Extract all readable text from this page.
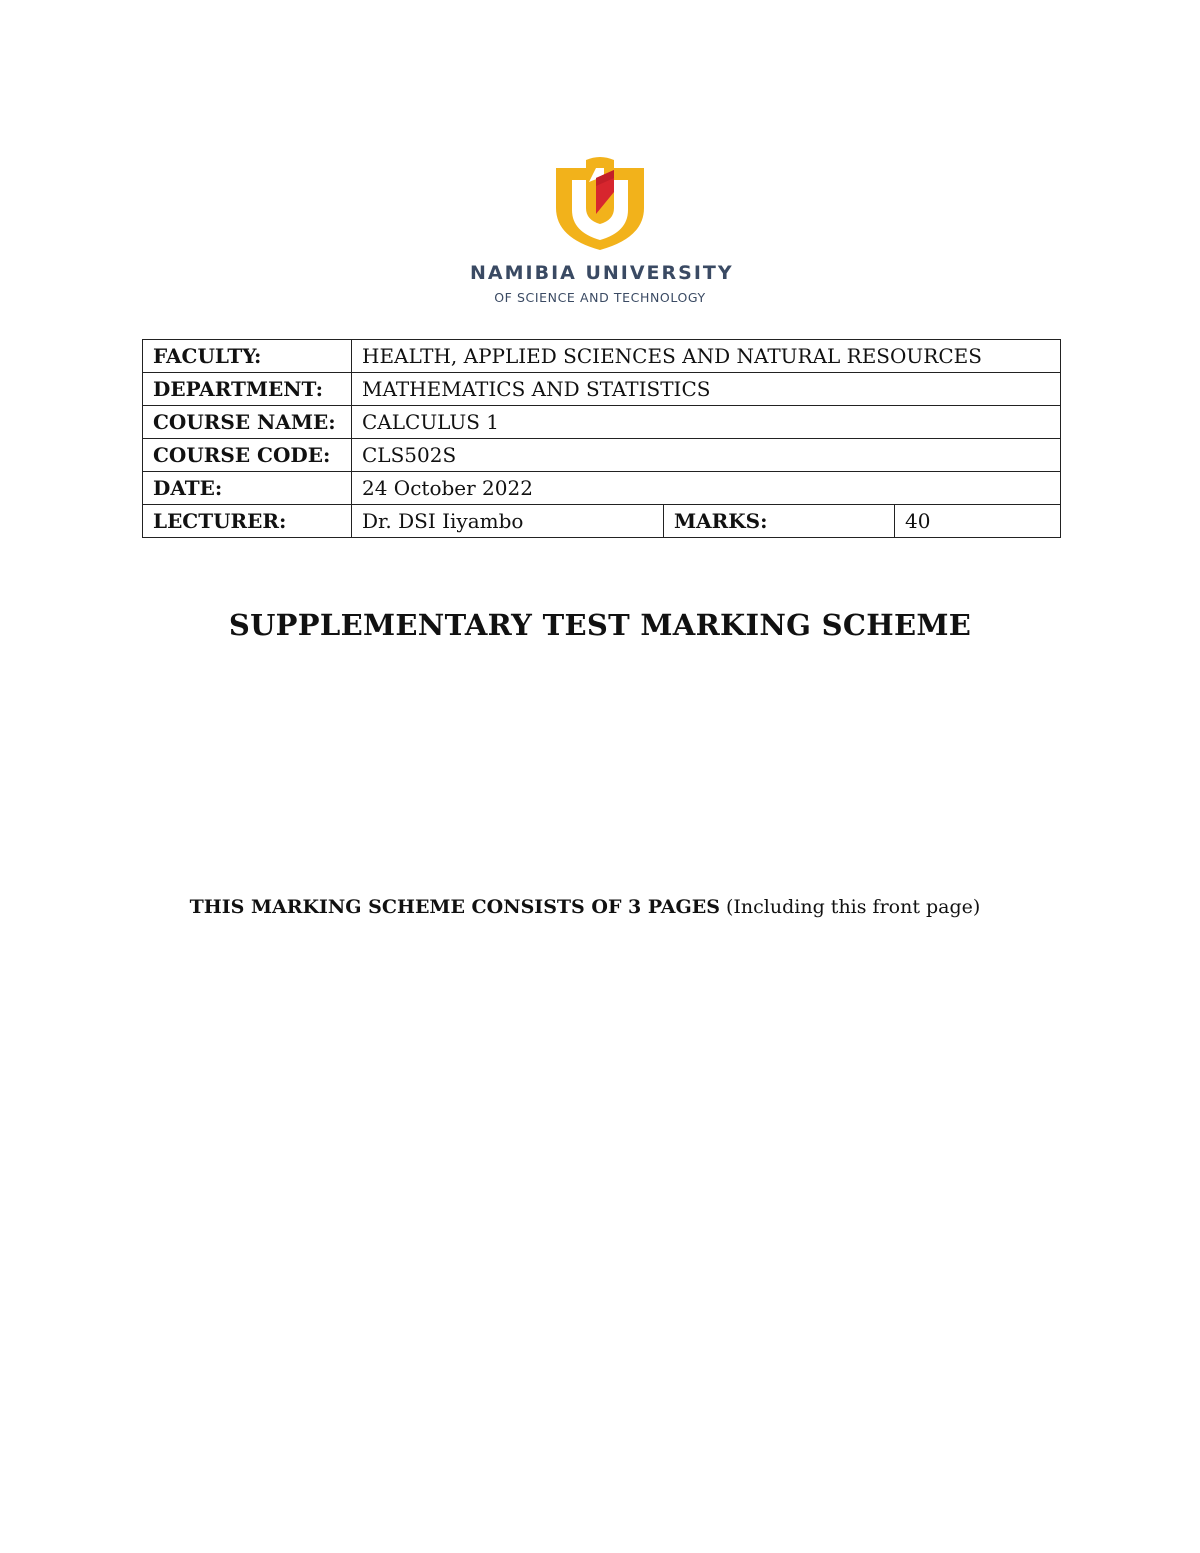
NAMIBIA UNIVERSITY
OF SCIENCE AND TECHNOLOGY
FACULTY:	HEALTH, APPLIED SCIENCES AND NATURAL RESOURCES		
DEPARTMENT:	MATHEMATICS AND STATISTICS		
COURSE NAME:	CALCULUS 1		
COURSE CODE:	CLS502S		
DATE:	24 October 2022		
LECTURER:	Dr. DSI Iiyambo	MARKS:	40
SUPPLEMENTARY TEST MARKING SCHEME
THIS MARKING SCHEME CONSISTS OF 3 PAGES (Including this front page)
